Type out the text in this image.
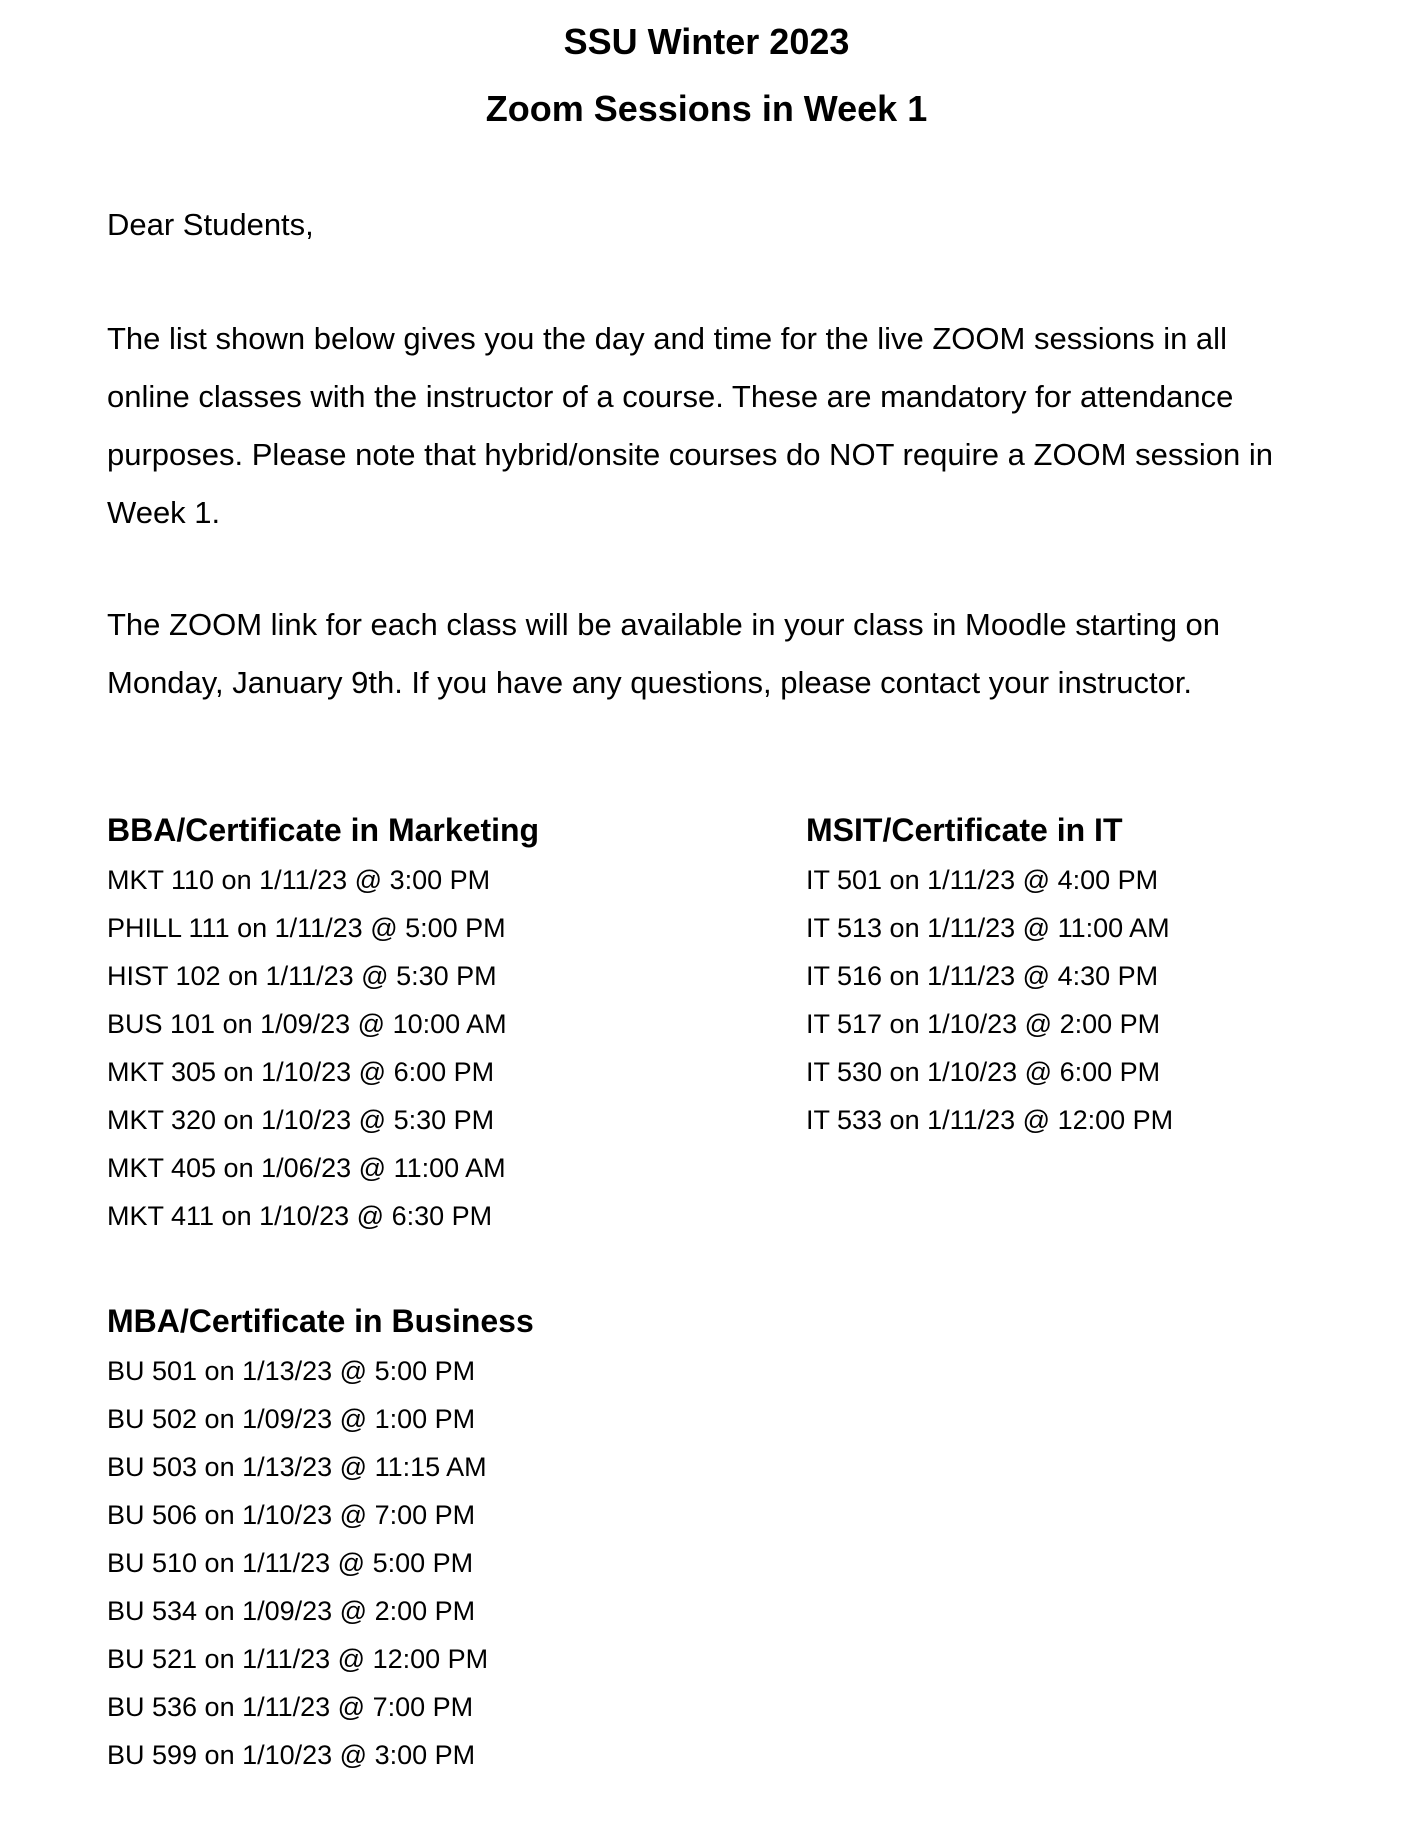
SSU Winter 2023
Zoom Sessions in Week 1

Dear Students,

The list shown below gives you the day and time for the live ZOOM sessions in all
online classes with the instructor of a course. These are mandatory for attendance
purposes. Please note that hybrid/onsite courses do NOT require a ZOOM session in
Week 1.
The ZOOM link for each class will be available in your class in Moodle starting on
Monday, January 9th. If you have any questions, please contact your instructor.
BBA/Certificate in Marketing
MKT 110 on 1/11/23 @ 3:00 PM
PHILL 111 on 1/11/23 @ 5:00 PM
HIST 102 on 1/11/23 @ 5:30 PM
BUS 101 on 1/09/23 @ 10:00 AM
MKT 305 on 1/10/23 @ 6:00 PM
MKT 320 on 1/10/23 @ 5:30 PM
MKT 405 on 1/06/23 @ 11:00 AM
MKT 411 on 1/10/23 @ 6:30 PM
MSIT/Certificate in IT
IT 501 on 1/11/23 @ 4:00 PM
IT 513 on 1/11/23 @ 11:00 AM
IT 516 on 1/11/23 @ 4:30 PM
IT 517 on 1/10/23 @ 2:00 PM
IT 530 on 1/10/23 @ 6:00 PM
IT 533 on 1/11/23 @ 12:00 PM
MBA/Certificate in Business
BU 501 on 1/13/23 @ 5:00 PM
BU 502 on 1/09/23 @ 1:00 PM
BU 503 on 1/13/23 @ 11:15 AM
BU 506 on 1/10/23 @ 7:00 PM
BU 510 on 1/11/23 @ 5:00 PM
BU 534 on 1/09/23 @ 2:00 PM
BU 521 on 1/11/23 @ 12:00 PM
BU 536 on 1/11/23 @ 7:00 PM
BU 599 on 1/10/23 @ 3:00 PM
